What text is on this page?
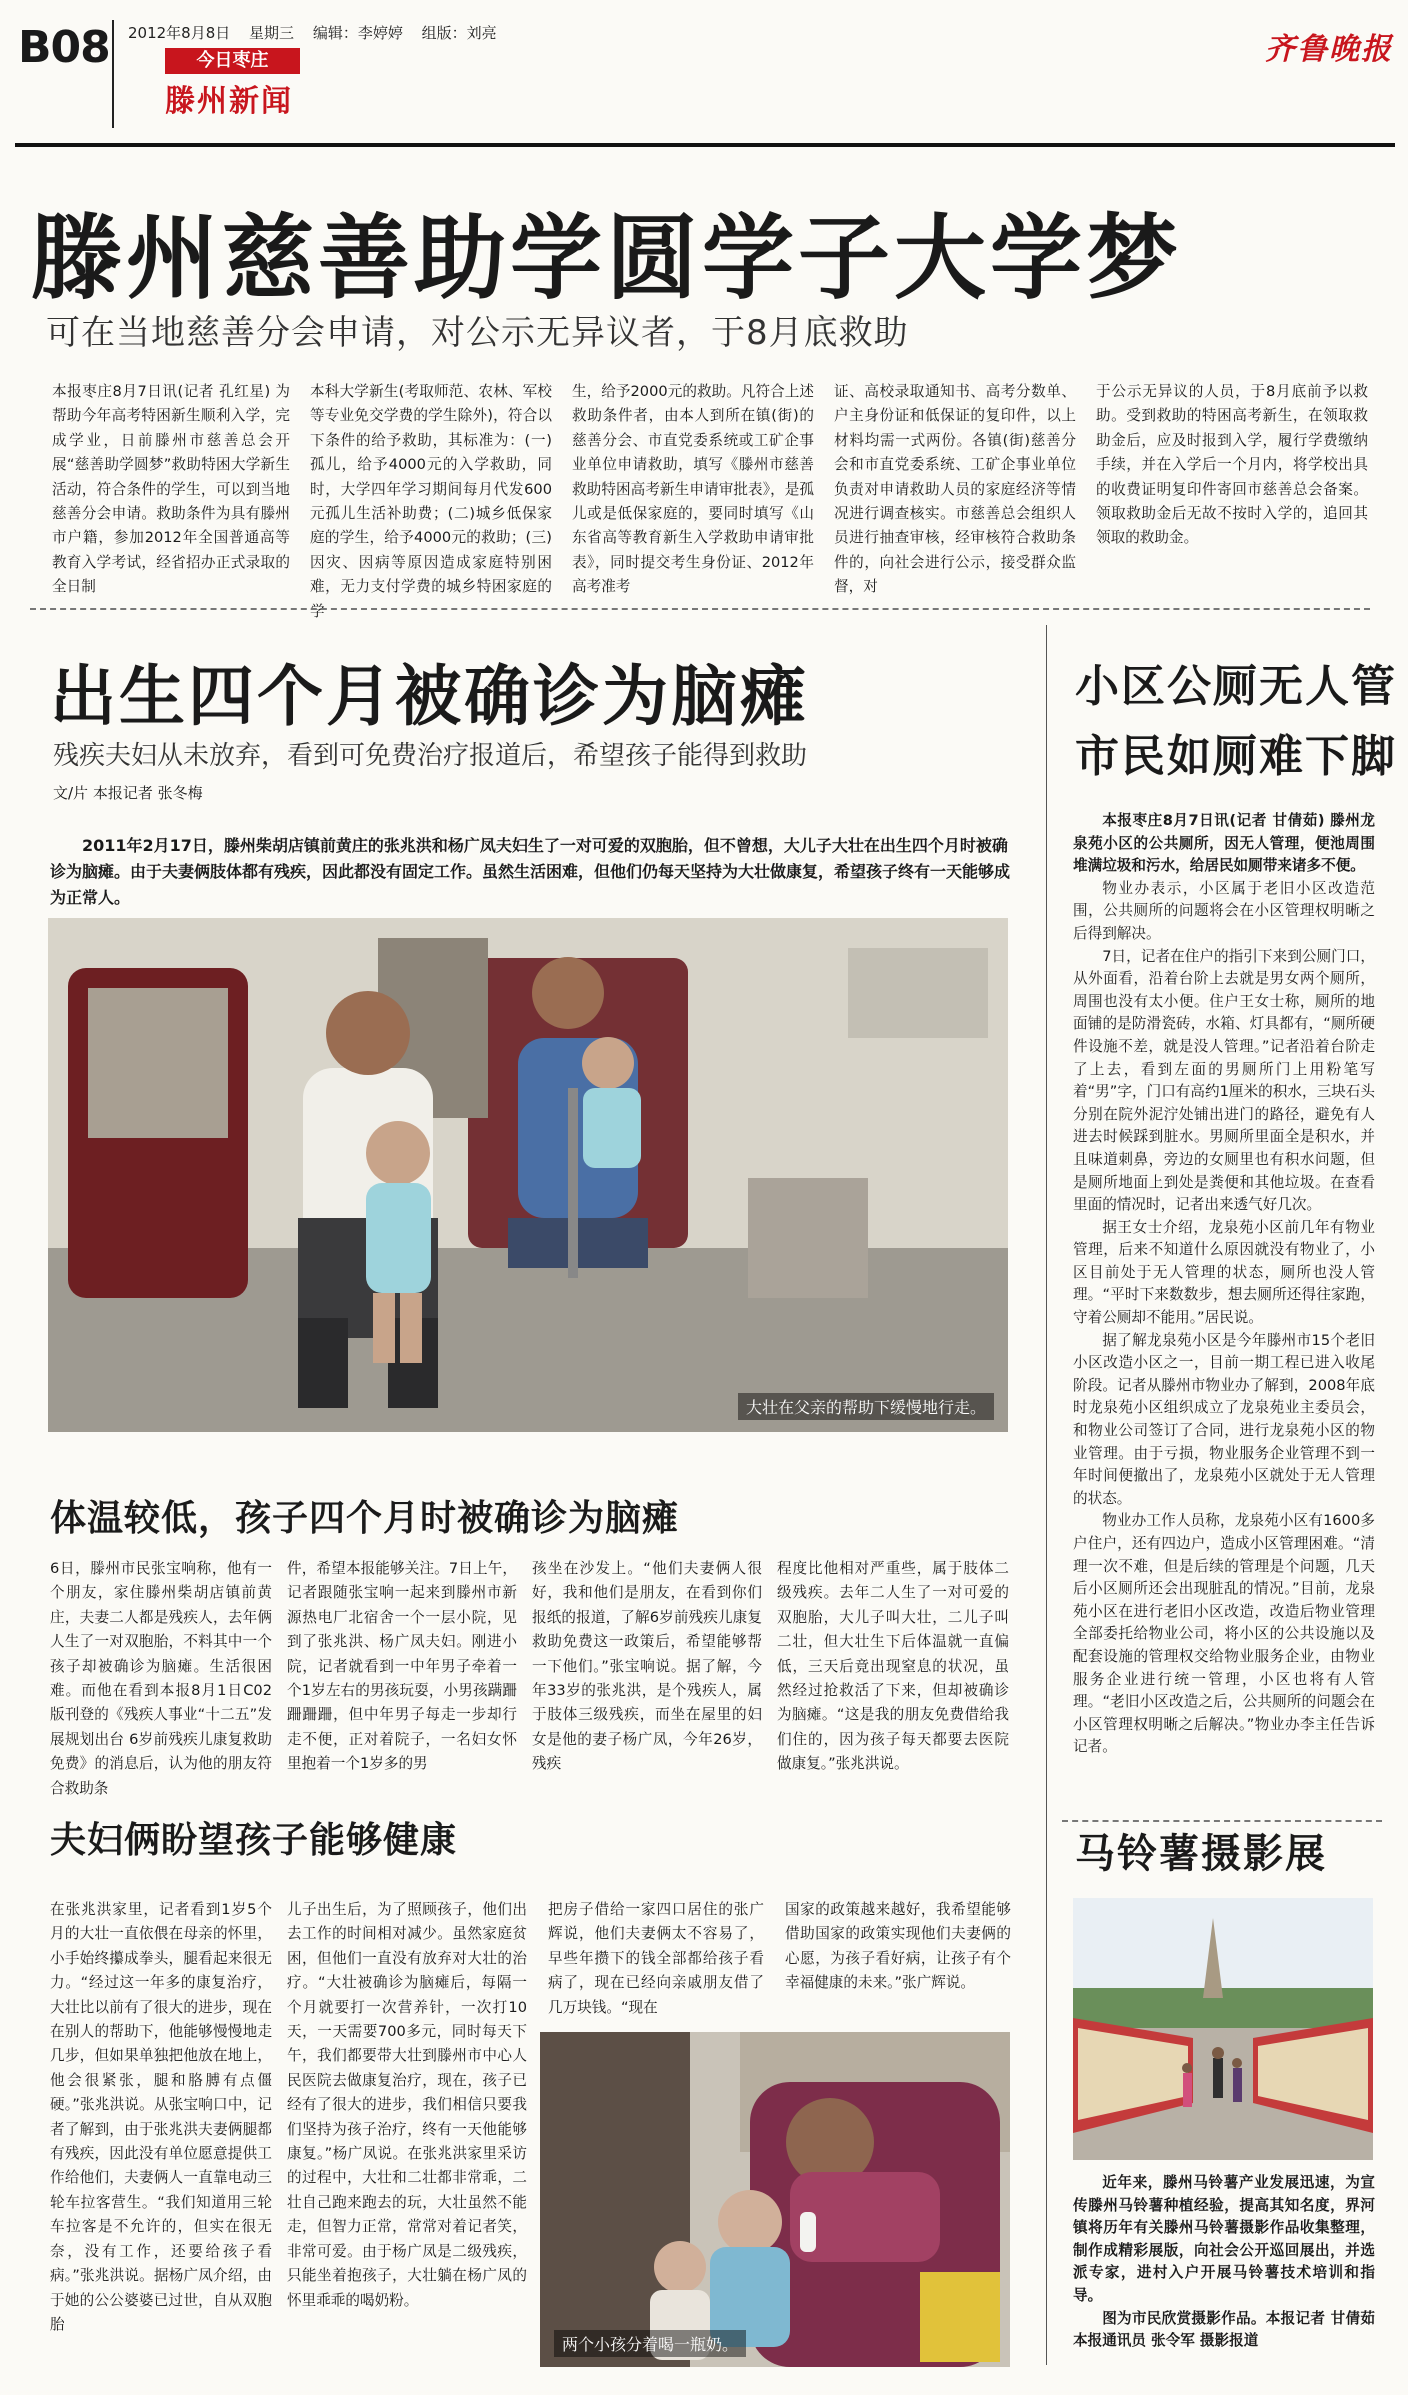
B08 2012年8月8日 星期三 编辑：李婷婷 组版：刘亮
今日枣庄
滕州新闻
齐鲁晚报
滕州慈善助学圆学子大学梦
可在当地慈善分会申请，对公示无异议者，于8月底救助
本报枣庄8月7日讯(记者 孔红星) 为帮助今年高考特困新生顺利入学，完成学业，日前滕州市慈善总会开展“慈善助学圆梦”救助特困大学新生活动，符合条件的学生，可以到当地慈善分会申请。救助条件为具有滕州市户籍，参加2012年全国普通高等教育入学考试，经省招办正式录取的全日制
本科大学新生(考取师范、农林、军校等专业免交学费的学生除外)，符合以下条件的给予救助，其标准为：(一)孤儿，给予4000元的入学救助，同时，大学四年学习期间每月代发600元孤儿生活补助费；(二)城乡低保家庭的学生，给予4000元的救助；(三)因灾、因病等原因造成家庭特别困难，无力支付学费的城乡特困家庭的学
生，给予2000元的救助。凡符合上述救助条件者，由本人到所在镇(街)的慈善分会、市直党委系统或工矿企事业单位申请救助，填写《滕州市慈善救助特困高考新生申请审批表》，是孤儿或是低保家庭的，要同时填写《山东省高等教育新生入学救助申请审批表》，同时提交考生身份证、2012年高考准考
证、高校录取通知书、高考分数单、户主身份证和低保证的复印件，以上材料均需一式两份。各镇(街)慈善分会和市直党委系统、工矿企事业单位负责对申请救助人员的家庭经济等情况进行调查核实。市慈善总会组织人员进行抽查审核，经审核符合救助条件的，向社会进行公示，接受群众监督，对
于公示无异议的人员，于8月底前予以救助。受到救助的特困高考新生，在领取救助金后，应及时报到入学，履行学费缴纳手续，并在入学后一个月内，将学校出具的收费证明复印件寄回市慈善总会备案。领取救助金后无故不按时入学的，追回其领取的救助金。
出生四个月被确诊为脑瘫
残疾夫妇从未放弃，看到可免费治疗报道后，希望孩子能得到救助
文/片 本报记者 张冬梅
2011年2月17日，滕州柴胡店镇前黄庄的张兆洪和杨广凤夫妇生了一对可爱的双胞胎，但不曾想，大儿子大壮在出生四个月时被确诊为脑瘫。由于夫妻俩肢体都有残疾，因此都没有固定工作。虽然生活困难，但他们仍每天坚持为大壮做康复，希望孩子终有一天能够成为正常人。
大壮在父亲的帮助下缓慢地行走。
体温较低，孩子四个月时被确诊为脑瘫
6日，滕州市民张宝响称，他有一个朋友，家住滕州柴胡店镇前黄庄，夫妻二人都是残疾人，去年俩人生了一对双胞胎，不料其中一个孩子却被确诊为脑瘫。生活很困难。而他在看到本报8月1日C02版刊登的《残疾人事业“十二五”发展规划出台 6岁前残疾儿康复救助免费》的消息后，认为他的朋友符合救助条
件，希望本报能够关注。7日上午，记者跟随张宝响一起来到滕州市新源热电厂北宿舍一个一层小院，见到了张兆洪、杨广凤夫妇。刚进小院，记者就看到一中年男子牵着一个1岁左右的男孩玩耍，小男孩蹒跚跚跚跚，但中年男子每走一步却行走不便，正对着院子，一名妇女怀里抱着一个1岁多的男
孩坐在沙发上。“他们夫妻俩人很好，我和他们是朋友，在看到你们报纸的报道，了解6岁前残疾儿康复救助免费这一政策后，希望能够帮一下他们。”张宝响说。据了解，今年33岁的张兆洪，是个残疾人，属于肢体三级残疾，而坐在屋里的妇女是他的妻子杨广凤，今年26岁，残疾
程度比他相对严重些，属于肢体二级残疾。去年二人生了一对可爱的双胞胎，大儿子叫大壮，二儿子叫二壮，但大壮生下后体温就一直偏低，三天后竟出现窒息的状况，虽然经过抢救活了下来，但却被确诊为脑瘫。“这是我的朋友免费借给我们住的，因为孩子每天都要去医院做康复。”张兆洪说。
夫妇俩盼望孩子能够健康
在张兆洪家里，记者看到1岁5个月的大壮一直依偎在母亲的怀里，小手始终攥成拳头，腿看起来很无力。“经过这一年多的康复治疗，大壮比以前有了很大的进步，现在在别人的帮助下，他能够慢慢地走几步，但如果单独把他放在地上，他会很紧张，腿和胳膊有点僵硬。”张兆洪说。从张宝响口中，记者了解到，由于张兆洪夫妻俩腿都有残疾，因此没有单位愿意提供工作给他们，夫妻俩人一直靠电动三轮车拉客营生。“我们知道用三轮车拉客是不允许的，但实在很无奈，没有工作，还要给孩子看病。”张兆洪说。据杨广凤介绍，由于她的公公婆婆已过世，自从双胞胎
儿子出生后，为了照顾孩子，他们出去工作的时间相对减少。虽然家庭贫困，但他们一直没有放弃对大壮的治疗。“大壮被确诊为脑瘫后，每隔一个月就要打一次营养针，一次打10天，一天需要700多元，同时每天下午，我们都要带大壮到滕州市中心人民医院去做康复治疗，现在，孩子已经有了很大的进步，我们相信只要我们坚持为孩子治疗，终有一天他能够康复。”杨广凤说。在张兆洪家里采访的过程中，大壮和二壮都非常乖，二壮自己跑来跑去的玩，大壮虽然不能走，但智力正常，常常对着记者笑，非常可爱。由于杨广凤是二级残疾，只能坐着抱孩子，大壮躺在杨广凤的怀里乖乖的喝奶粉。
把房子借给一家四口居住的张广辉说，他们夫妻俩太不容易了，早些年攒下的钱全部都给孩子看病了，现在已经向亲戚朋友借了几万块钱。“现在
国家的政策越来越好，我希望能够借助国家的政策实现他们夫妻俩的心愿，为孩子看好病，让孩子有个幸福健康的未来。”张广辉说。
两个小孩分着喝一瓶奶。
小区公厕无人管
市民如厕难下脚

本报枣庄8月7日讯(记者 甘倩茹) 滕州龙泉苑小区的公共厕所，因无人管理，便池周围堆满垃圾和污水，给居民如厕带来诸多不便。

物业办表示，小区属于老旧小区改造范围，公共厕所的问题将会在小区管理权明晰之后得到解决。

7日，记者在住户的指引下来到公厕门口，从外面看，沿着台阶上去就是男女两个厕所，周围也没有太小便。住户王女士称，厕所的地面铺的是防滑瓷砖，水箱、灯具都有，“厕所硬件设施不差，就是没人管理。”记者沿着台阶走了上去，看到左面的男厕所门上用粉笔写着“男”字，门口有高约1厘米的积水，三块石头分别在院外泥泞处铺出进门的路径，避免有人进去时候踩到脏水。男厕所里面全是积水，并且味道刺鼻，旁边的女厕里也有积水问题，但是厕所地面上到处是粪便和其他垃圾。在查看里面的情况时，记者出来透气好几次。

据王女士介绍，龙泉苑小区前几年有物业管理，后来不知道什么原因就没有物业了，小区目前处于无人管理的状态，厕所也没人管理。“平时下来数数步，想去厕所还得往家跑，守着公厕却不能用。”居民说。

据了解龙泉苑小区是今年滕州市15个老旧小区改造小区之一，目前一期工程已进入收尾阶段。记者从滕州市物业办了解到，2008年底时龙泉苑小区组织成立了龙泉苑业主委员会，和物业公司签订了合同，进行龙泉苑小区的物业管理。由于亏损，物业服务企业管理不到一年时间便撤出了，龙泉苑小区就处于无人管理的状态。

物业办工作人员称，龙泉苑小区有1600多户住户，还有四边户，造成小区管理困难。“清理一次不难，但是后续的管理是个问题，几天后小区厕所还会出现脏乱的情况。”目前，龙泉苑小区在进行老旧小区改造，改造后物业管理全部委托给物业公司，将小区的公共设施以及配套设施的管理权交给物业服务企业，由物业服务企业进行统一管理，小区也将有人管理。“老旧小区改造之后，公共厕所的问题会在小区管理权明晰之后解决。”物业办李主任告诉记者。

马铃薯摄影展

近年来，滕州马铃薯产业发展迅速，为宣传滕州马铃薯种植经验，提高其知名度，界河镇将历年有关滕州马铃薯摄影作品收集整理，制作成精彩展版，向社会公开巡回展出，并选派专家，进村入户开展马铃薯技术培训和指导。

图为市民欣赏摄影作品。本报记者 甘倩茹 本报通讯员 张令军 摄影报道
